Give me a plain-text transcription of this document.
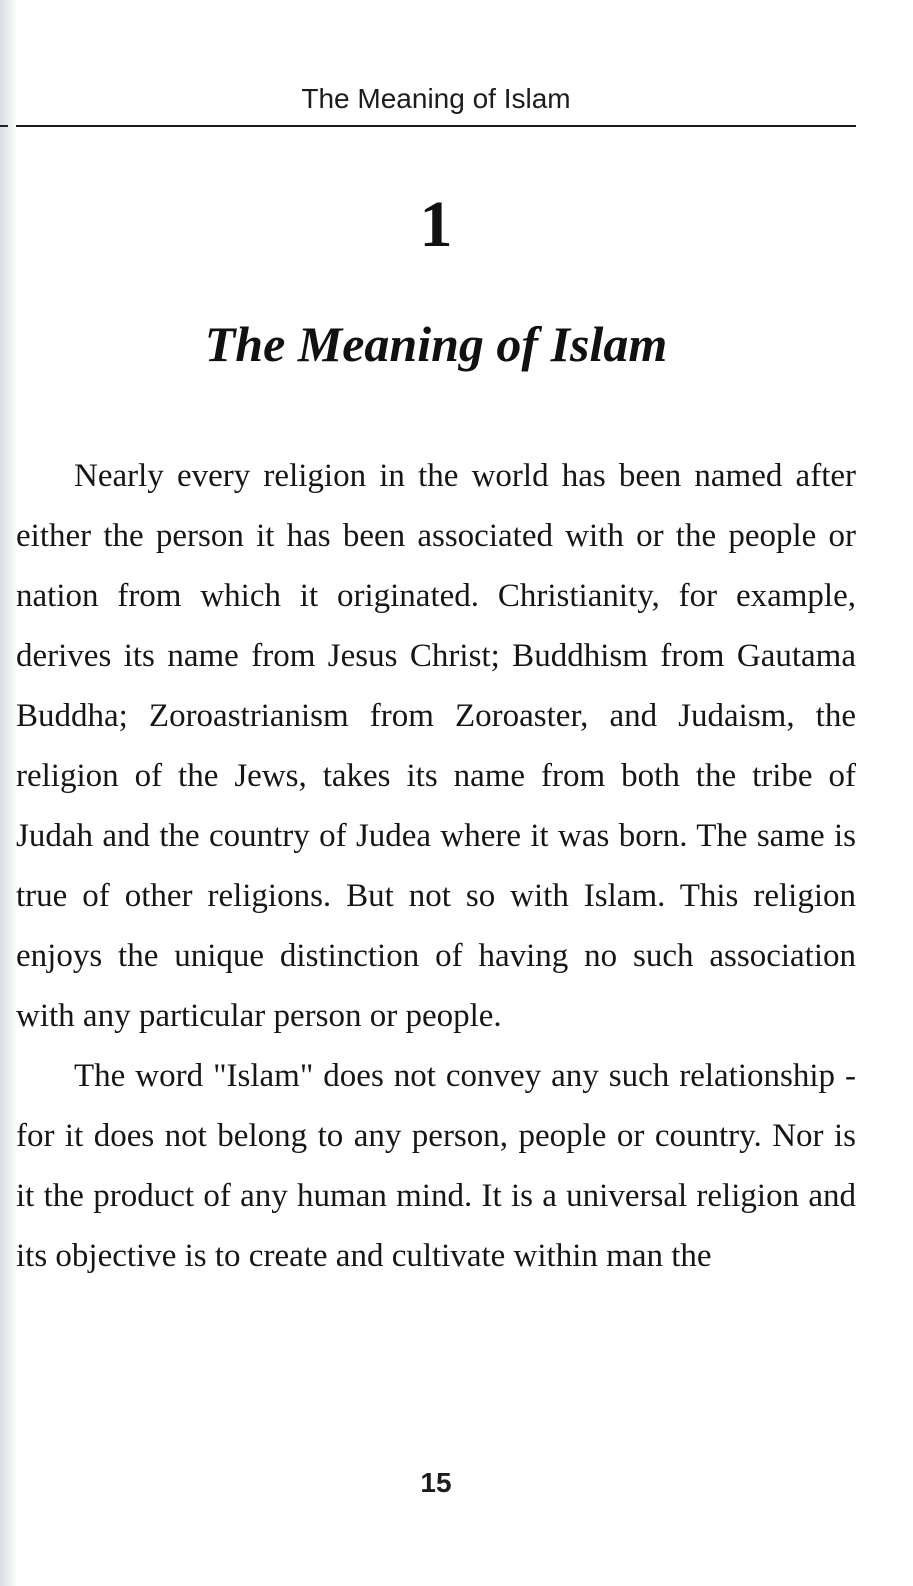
The Meaning of Islam
1
The Meaning of Islam

Nearly every religion in the world has been named after either the person it has been associated with or the people or nation from which it originated. Christianity, for example, derives its name from Jesus Christ; Buddhism from Gautama Buddha; Zoroastrianism from Zoroaster, and Judaism, the religion of the Jews, takes its name from both the tribe of Judah and the country of Judea where it was born. The same is true of other religions. But not so with Islam. This religion enjoys the unique distinction of having no such association with any particular person or people.

The word "Islam" does not convey any such relationship - for it does not belong to any person, people or country. Nor is it the product of any human mind. It is a universal religion and its objective is to create and cultivate within man the

15
